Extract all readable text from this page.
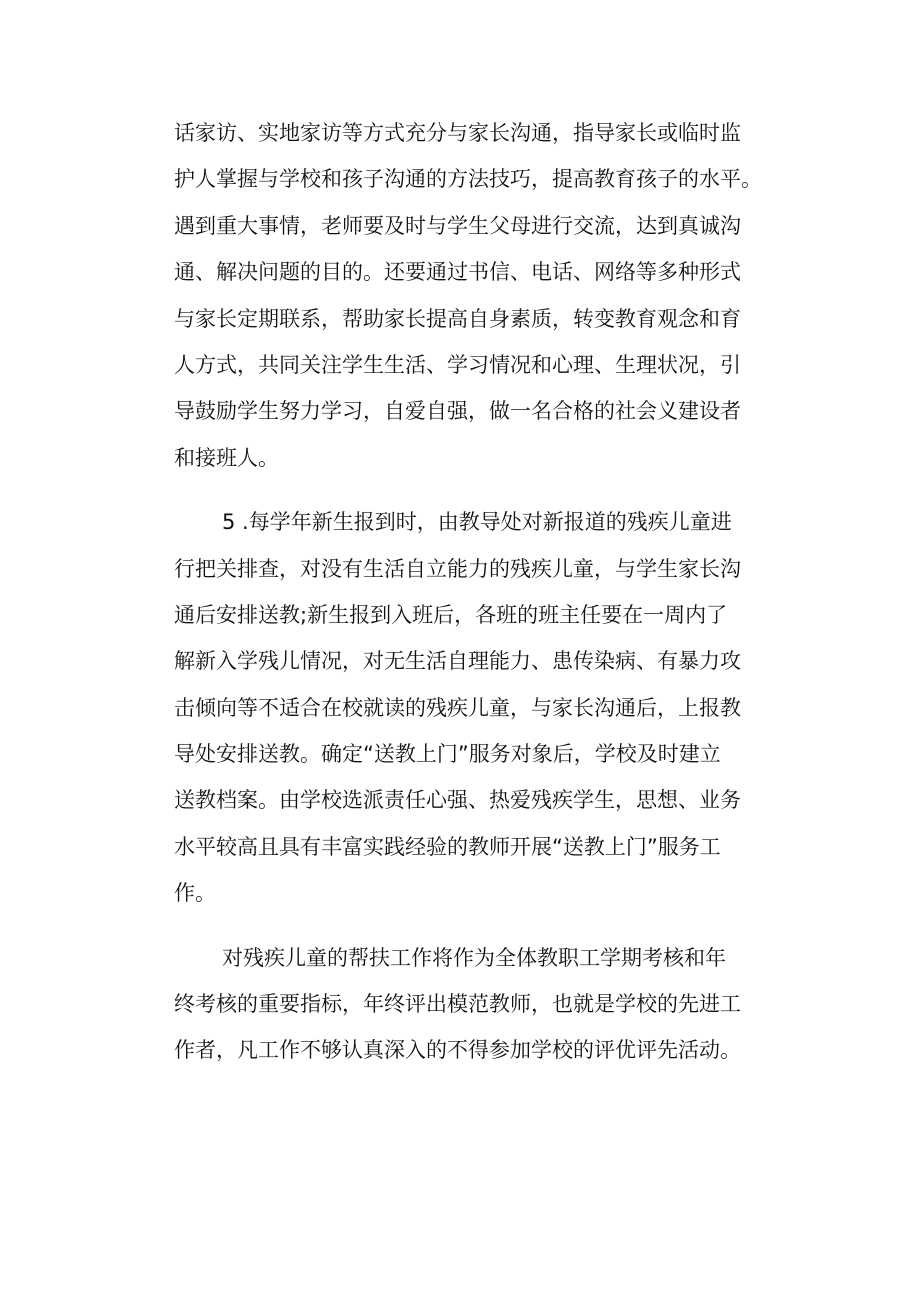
话家访、实地家访等方式充分与家长沟通，指导家长或临时监
护人掌握与学校和孩子沟通的方法技巧，提高教育孩子的水平。
遇到重大事情，老师要及时与学生父母进行交流，达到真诚沟
通、解决问题的目的。还要通过书信、电话、网络等多种形式
与家长定期联系，帮助家长提高自身素质，转变教育观念和育
人方式，共同关注学生生活、学习情况和心理、生理状况，引
导鼓励学生努力学习，自爱自强，做一名合格的社会义建设者
和接班人。
5 .每学年新生报到时，由教导处对新报道的残疾儿童进
行把关排查，对没有生活自立能力的残疾儿童，与学生家长沟
通后安排送教;新生报到入班后，各班的班主任要在一周内了
解新入学残儿情况，对无生活自理能力、患传染病、有暴力攻
击倾向等不适合在校就读的残疾儿童，与家长沟通后，上报教
导处安排送教。确定“送教上门”服务对象后，学校及时建立
送教档案。由学校选派责任心强、热爱残疾学生，思想、业务
水平较高且具有丰富实践经验的教师开展“送教上门”服务工
作。
对残疾儿童的帮扶工作将作为全体教职工学期考核和年
终考核的重要指标，年终评出模范教师，也就是学校的先进工
作者，凡工作不够认真深入的不得参加学校的评优评先活动。
